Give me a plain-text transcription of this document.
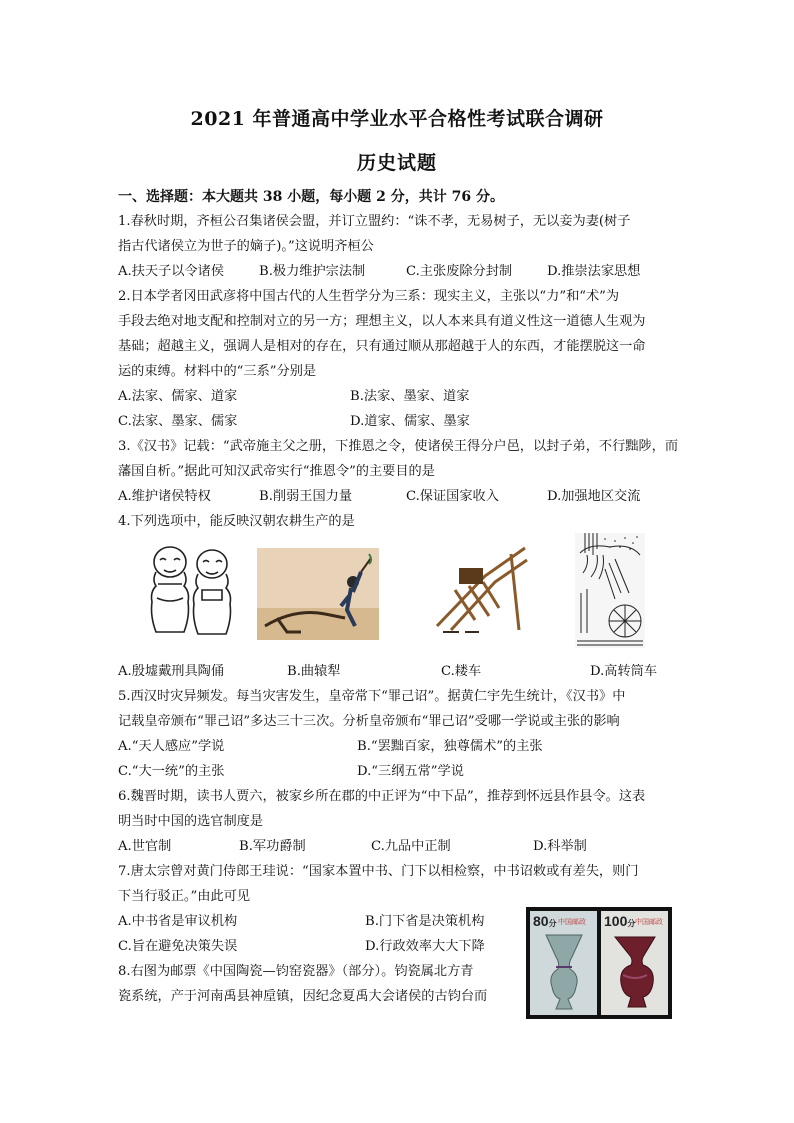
2021 年普通高中学业水平合格性考试联合调研
历史试题
一、选择题：本大题共 38 小题，每小题 2 分，共计 76 分。
1.春秋时期，齐桓公召集诸侯会盟，并订立盟约：“诛不孝，无易树子，无以妾为妻(树子
指古代诸侯立为世子的嫡子)。”这说明齐桓公
A.扶天子以令诸侯	B.极力维护宗法制	C.主张废除分封制	D.推崇法家思想
2.日本学者冈田武彦将中国古代的人生哲学分为三系：现实主义，主张以“力”和“术”为
手段去绝对地支配和控制对立的另一方；理想主义，以人本来具有道义性这一道德人生观为
基础；超越主义，强调人是相对的存在，只有通过顺从那超越于人的东西，才能摆脱这一命
运的束缚。材料中的“三系”分别是
A.法家、儒家、道家	B.法家、墨家、道家
C.法家、墨家、儒家	D.道家、儒家、墨家
3.《汉书》记载：“武帝施主父之册，下推恩之令，使诸侯王得分户邑，以封子弟，不行黜陟，而
藩国自析。”据此可知汉武帝实行“推恩令”的主要目的是
A.维护诸侯特权	B.削弱王国力量	C.保证国家收入	D.加强地区交流
4.下列选项中，能反映汉朝农耕生产的是
A.殷墟戴刑具陶俑	B.曲辕犁	C.耧车	D.高转筒车
5.西汉时灾异频发。每当灾害发生，皇帝常下“罪己诏”。据黄仁宇先生统计，《汉书》中
记载皇帝颁布“罪己诏”多达三十三次。分析皇帝颁布“罪己诏”受哪一学说或主张的影响
A.“天人感应”学说	B.“罢黜百家，独尊儒术”的主张
C.“大一统”的主张	D.“三纲五常”学说
6.魏晋时期，读书人贾六，被家乡所在郡的中正评为“中下品”，推荐到怀远县作县令。这表
明当时中国的选官制度是
A.世官制	B.军功爵制	C.九品中正制	D.科举制
7.唐太宗曾对黄门侍郎王珪说：“国家本置中书、门下以相检察，中书诏敕或有差失，则门
下当行驳正。”由此可见
A.中书省是审议机构	B.门下省是决策机构
C.旨在避免决策失误	D.行政效率大大下降
8.右图为邮票《中国陶瓷—钧窑瓷器》（部分）。钧瓷属北方青
瓷系统，产于河南禹县神垕镇，因纪念夏禹大会诸侯的古钧台而
80分 中国邮政 100分 中国邮政
